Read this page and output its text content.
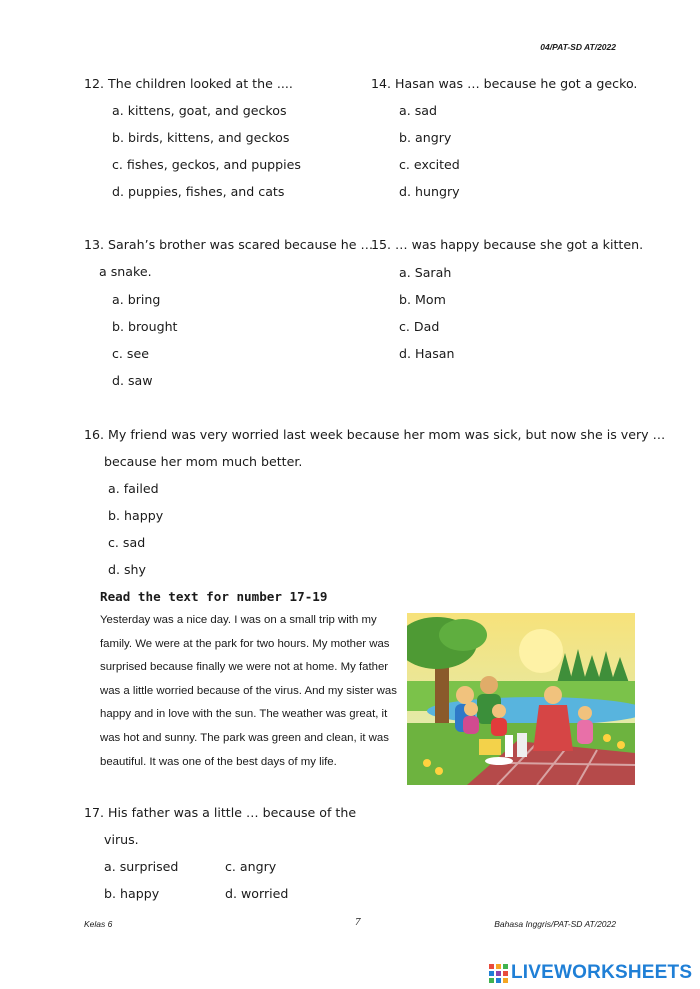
04/PAT-SD AT/2022
12. The children looked at the ....
a. kittens, goat, and geckos
b. birds, kittens, and geckos
c. fishes, geckos, and puppies
d. puppies, fishes, and cats
14. Hasan was … because he got a gecko.
a. sad
b. angry
c. excited
d. hungry
13. Sarah’s brother was scared because he …
a snake.
a. bring
b. brought
c. see
d. saw
15. … was happy because she got a kitten.
a. Sarah
b. Mom
c. Dad
d. Hasan
16. My friend was very worried last week because her mom was sick, but now she is very …
because her mom much better.
a. failed
b. happy
c. sad
d. shy
Read the text for number 17-19
Yesterday was a nice day. I was on a small trip with my family. We were at the park for two hours. My mother was surprised because finally we were not at home. My father was a little worried because of the virus. And my sister was happy and in love with the sun. The weather was great, it was hot and sunny. The park was green and clean, it was beautiful. It was one of the best days of my life.
17. His father was a little … because of the
virus.
a. surprised	c. angry
b. happy	d. worried
Kelas 6	7	Bahasa Inggris/PAT-SD AT/2022
LIVEWORKSHEETS
